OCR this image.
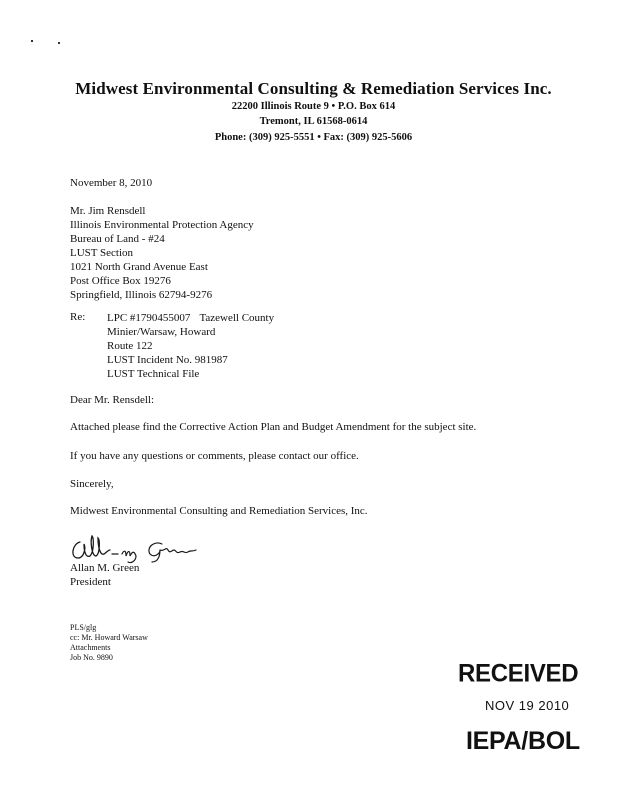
Midwest Environmental Consulting & Remediation Services Inc.
22200 Illinois Route 9 • P.O. Box 614
Tremont, IL 61568-0614
Phone: (309) 925-5551 • Fax: (309) 925-5606
November 8, 2010
Mr. Jim Rensdell
Illinois Environmental Protection Agency
Bureau of Land - #24
LUST Section
1021 North Grand Avenue East
Post Office Box 19276
Springfield, Illinois 62794-9276
Re: LPC #1790455007 Tazewell County
Minier/Warsaw, Howard
Route 122
LUST Incident No. 981987
LUST Technical File
Dear Mr. Rensdell:
Attached please find the Corrective Action Plan and Budget Amendment for the subject site.
If you have any questions or comments, please contact our office.
Sincerely,
Midwest Environmental Consulting and Remediation Services, Inc.
Allan M. Green
President
PLS/glg
cc: Mr. Howard Warsaw
Attachments
Job No. 9890
RECEIVED
NOV 19 2010
IEPA/BOL
